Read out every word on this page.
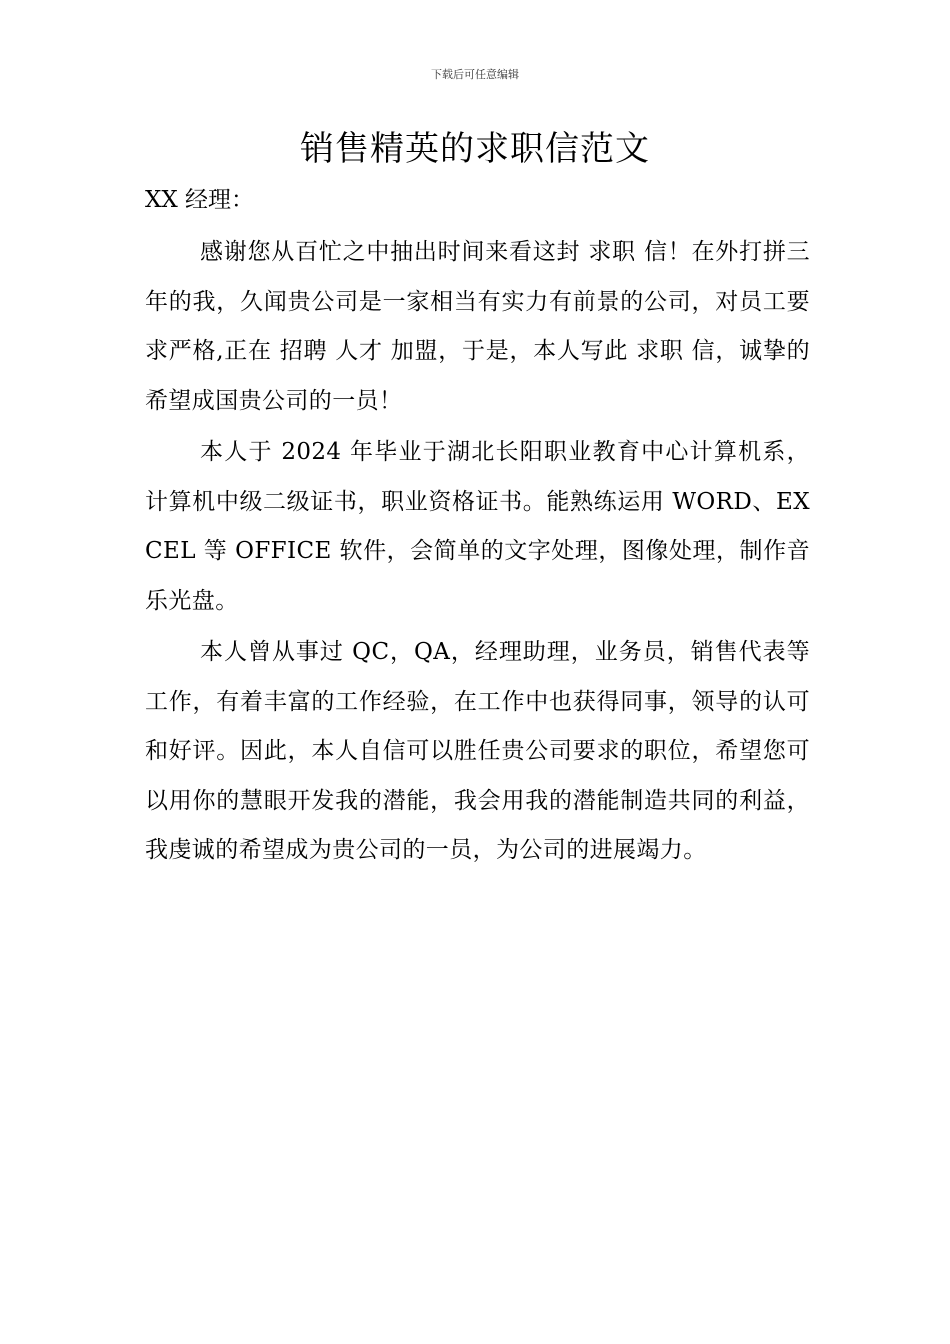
下载后可任意编辑
销售精英的求职信范文

XX 经理：

感谢您从百忙之中抽出时间来看这封 求职 信！在外打拼三年的我，久闻贵公司是一家相当有实力有前景的公司，对员工要求严格,正在 招聘 人才 加盟，于是，本人写此 求职 信，诚挚的希望成国贵公司的一员！

本人于 2024 年毕业于湖北长阳职业教育中心计算机系，计算机中级二级证书，职业资格证书。能熟练运用 WORD、EXCEL 等 OFFICE 软件，会简单的文字处理，图像处理，制作音乐光盘。

本人曾从事过 QC，QA，经理助理，业务员，销售代表等工作，有着丰富的工作经验，在工作中也获得同事，领导的认可和好评。因此，本人自信可以胜任贵公司要求的职位，希望您可以用你的慧眼开发我的潜能，我会用我的潜能制造共同的利益，我虔诚的希望成为贵公司的一员，为公司的进展竭力。
